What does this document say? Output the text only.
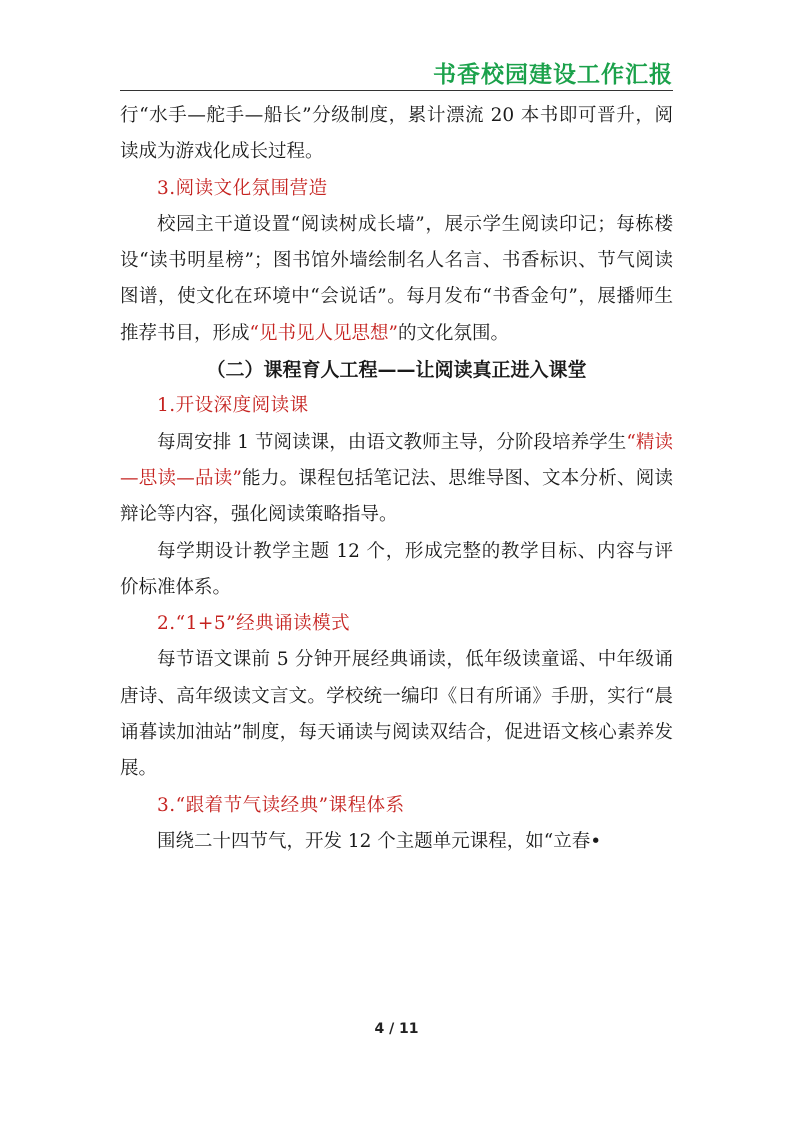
书香校园建设工作汇报

行“水手—舵手—船长”分级制度，累计漂流 20 本书即可晋升，阅读成为游戏化成长过程。

3.阅读文化氛围营造

校园主干道设置“阅读树成长墙”，展示学生阅读印记；每栋楼设“读书明星榜”；图书馆外墙绘制名人名言、书香标识、节气阅读图谱，使文化在环境中“会说话”。每月发布“书香金句”，展播师生推荐书目，形成“见书见人见思想”的文化氛围。

（二）课程育人工程——让阅读真正进入课堂

1.开设深度阅读课

每周安排 1 节阅读课，由语文教师主导，分阶段培养学生“精读—思读—品读”能力。课程包括笔记法、思维导图、文本分析、阅读辩论等内容，强化阅读策略指导。

每学期设计教学主题 12 个，形成完整的教学目标、内容与评价标准体系。

2.“1+5”经典诵读模式

每节语文课前 5 分钟开展经典诵读，低年级读童谣、中年级诵唐诗、高年级读文言文。学校统一编印《日有所诵》手册，实行“晨诵暮读加油站”制度，每天诵读与阅读双结合，促进语文核心素养发展。

3.“跟着节气读经典”课程体系

围绕二十四节气，开发 12 个主题单元课程，如“立春•

4 / 11
